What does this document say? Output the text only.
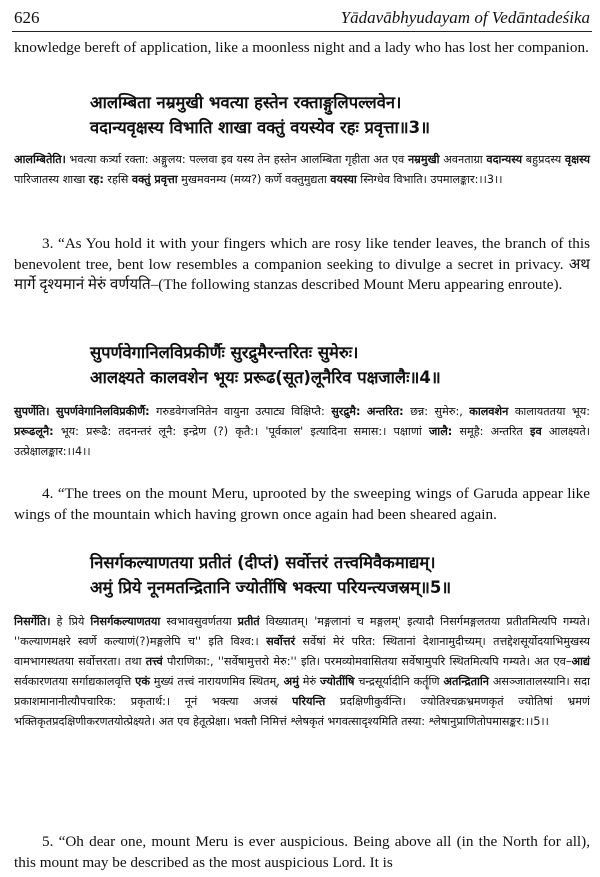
626	Yādavābhyudayam of Vedāntadeśika

knowledge bereft of application, like a moonless night and a lady who has lost her companion.

आलम्बिता नम्रमुखी भवत्या हस्तेन रक्ताङ्गुलिपल्लवेन।

वदान्यवृक्षस्य विभाति शाखा वक्तुं वयस्येव रहः प्रवृत्ता॥3॥

आलम्बितेति। भवत्या कर्त्र्या रक्ता: अङ्गुलय: पल्लवा इव यस्य तेन हस्तेन आलम्बिता गृहीता अत एव नम्रमुखी अवनताग्रा वदान्यस्य बहुप्रदस्य वृक्षस्य पारिजातस्य शाखा रह: रहसि वक्तुं प्रवृत्ता मुखमवनम्य (मय्य?) कर्णे वक्तुमुद्यता वयस्या स्निग्धेव विभाति। उपमालङ्कार:।।3।।

3. “As You hold it with your fingers which are rosy like tender leaves, the branch of this benevolent tree, bent low resembles a companion seeking to divulge a secret in privacy. अथ मार्गे दृश्यमानं मेरुं वर्णयति–(The following stanzas described Mount Meru appearing enroute).

सुपर्णवेगानिलविप्रकीर्णैः सुरद्रुमैरन्तरितः सुमेरुः।

आलक्ष्यते कालवशेन भूयः प्ररूढ(सूत)लूनैरिव पक्षजालैः॥4॥

सुपर्णेति। सुपर्णवेगानिलविप्रकीर्णै: गरुडवेगजनितेन वायुना उत्पाट्य विक्षिप्तै: सुरद्रुमै: अन्तरित: छन्न: सुमेरु:, कालवशेन कालायततया भूय: प्ररूढलूनै: भूय: प्ररूढै: तदनन्तरं लूनै: इन्द्रेण (?) कृतै:। 'पूर्वकाल' इत्यादिना समास:। पक्षाणां जालै: समूहै: अन्तरित इव आलक्ष्यते। उत्प्रेक्षालङ्कार:।।4।।

4. “The trees on the mount Meru, uprooted by the sweeping wings of Garuda appear like wings of the mountain which having grown once again had been sheared again.

निसर्गकल्याणतया प्रतीतं (दीप्तं) सर्वोत्तरं तत्त्वमिवैकमाद्यम्।

अमुं प्रिये नूनमतन्द्रितानि ज्योतींषि भक्त्या परियन्त्यजस्रम्॥5॥

निसर्गेति। हे प्रिये निसर्गकल्याणतया स्वभावसुवर्णतया प्रतीतं विख्यातम्। 'मङ्गलानां च मङ्गलम्' इत्यादौ निसर्गमङ्गलतया प्रतीतमित्यपि गम्यते। ''कल्याणमक्षरे स्वर्णे कल्याणं(?)मङ्गलेपि च'' इति विश्व:। सर्वोत्तरं सर्वेषां मेरं परित: स्थितानां देशानामुदीच्यम्। तत्तद्देशसूर्योदयाभिमुखस्य वामभागस्थतया सर्वोत्तरता। तथा तत्त्वं पौराणिका:, ''सर्वेषामुत्तरो मेरु:'' इति। परमव्योमवासितया सर्वेषामुपरि स्थितमित्यपि गम्यते। अत एव–आद्यं सर्वकारणतया सर्गाद्यकालवृत्ति एकं मुख्यं तत्त्वं नारायणमिव स्थितम्, अमुं मेरुं ज्योतींषि चन्द्रसूर्यादीनि कर्तॄणि अतन्द्रितानि असञ्जातालस्यानि। सदा प्रकाशमानानीत्यौपचारिक: प्रकृतार्थ:। नूनं भक्त्या अजस्रं परियन्ति प्रदक्षिणीकुर्वन्ति। ज्योतिश्चक्रभ्रमणकृतं ज्योतिषां भ्रमणं भक्तिकृतप्रदक्षिणीकरणतयोत्प्रेक्ष्यते। अत एव हेतूत्प्रेक्षा। भक्तौ निमित्तं श्लेषकृतं भगवत्सादृश्यमिति तस्या: श्लेषानुप्राणितोपमासङ्कर:।।5।।

5. “Oh dear one, mount Meru is ever auspicious. Being above all (in the North for all), this mount may be described as the most auspicious Lord. It is
